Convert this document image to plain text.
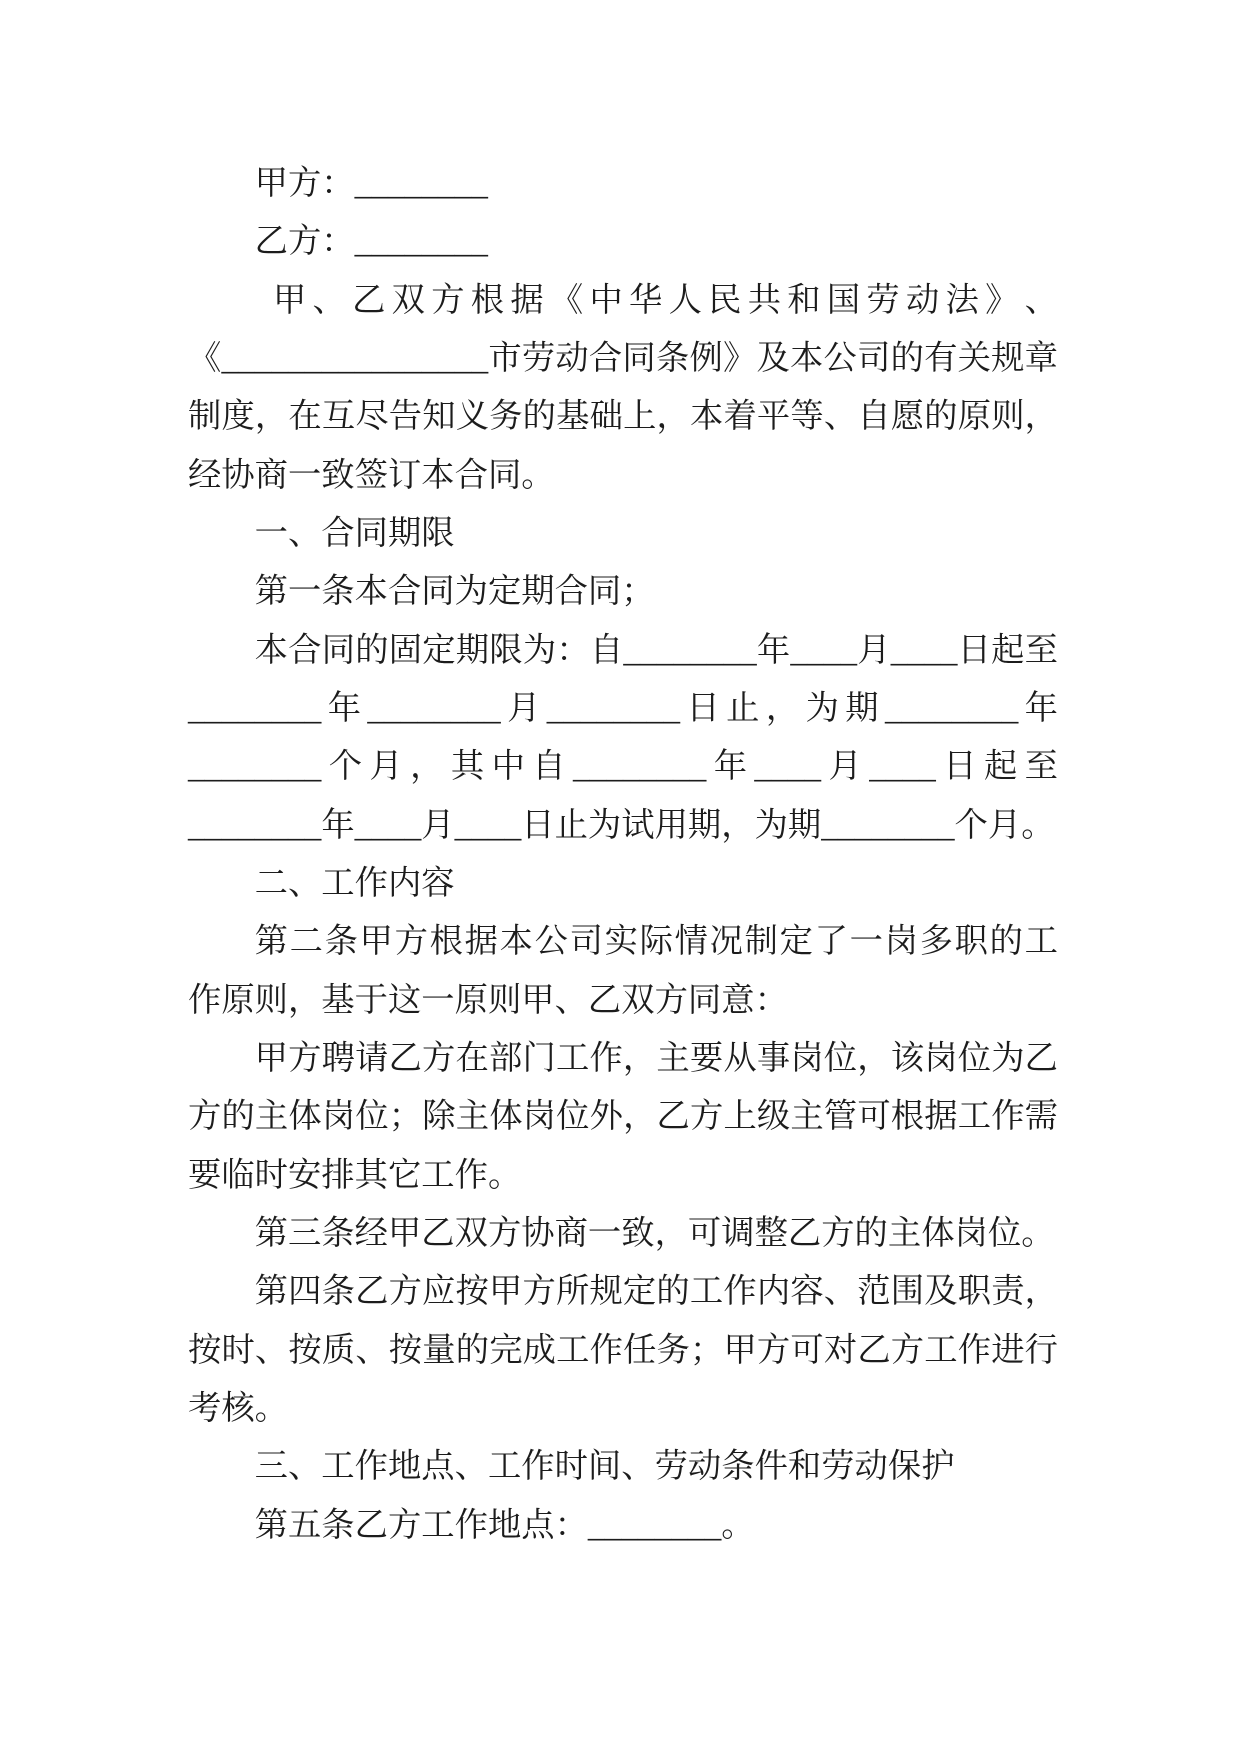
甲方：________
乙方：________
甲、乙双方根据《中华人民共和国劳动法》、
《________________市劳动合同条例》及本公司的有关规章
制度，在互尽告知义务的基础上，本着平等、自愿的原则，
经协商一致签订本合同。
一、合同期限
第一条本合同为定期合同；
本合同的固定期限为：自________年____月____日起至
________年________月________日止，为期________年
________个月，其中自________年____月____日起至
________年____月____日止为试用期，为期________个月。
二、工作内容
第二条甲方根据本公司实际情况制定了一岗多职的工
作原则，基于这一原则甲、乙双方同意：
甲方聘请乙方在部门工作，主要从事岗位，该岗位为乙
方的主体岗位；除主体岗位外，乙方上级主管可根据工作需
要临时安排其它工作。
第三条经甲乙双方协商一致，可调整乙方的主体岗位。
第四条乙方应按甲方所规定的工作内容、范围及职责，
按时、按质、按量的完成工作任务；甲方可对乙方工作进行
考核。
三、工作地点、工作时间、劳动条件和劳动保护
第五条乙方工作地点：________。
